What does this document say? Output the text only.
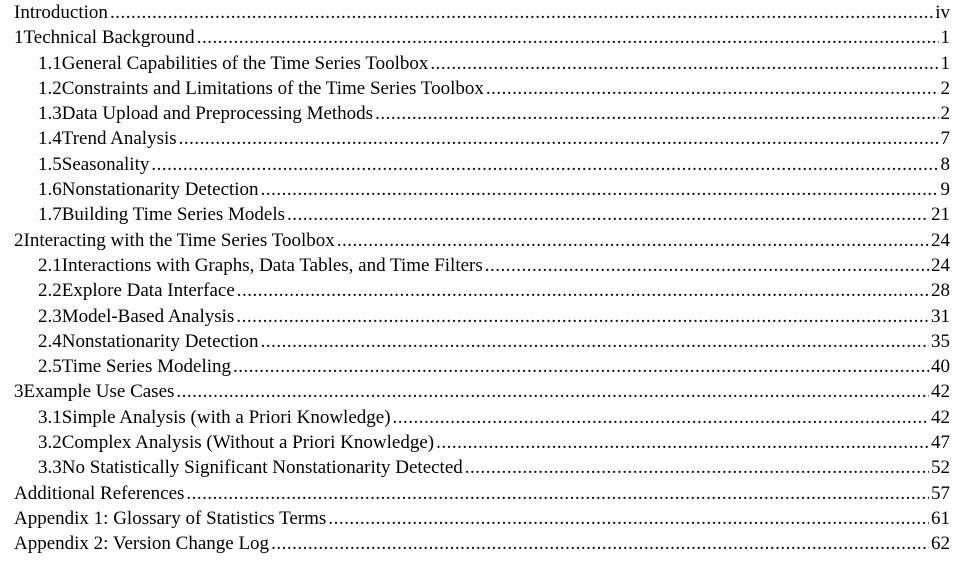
Introduction .....	iv
1 Technical Background .....	1
1.1 General Capabilities of the Time Series Toolbox .....	1
1.2 Constraints and Limitations of the Time Series Toolbox .....	2
1.3 Data Upload and Preprocessing Methods .....	2
1.4 Trend Analysis .....	7
1.5 Seasonality .....	8
1.6 Nonstationarity Detection .....	9
1.7 Building Time Series Models .....	21
2 Interacting with the Time Series Toolbox .....	24
2.1 Interactions with Graphs, Data Tables, and Time Filters .....	24
2.2 Explore Data Interface .....	28
2.3 Model-Based Analysis .....	31
2.4 Nonstationarity Detection .....	35
2.5 Time Series Modeling .....	40
3 Example Use Cases .....	42
3.1 Simple Analysis (with a Priori Knowledge) .....	42
3.2 Complex Analysis (Without a Priori Knowledge) .....	47
3.3 No Statistically Significant Nonstationarity Detected .....	52
Additional References .....	57
Appendix 1: Glossary of Statistics Terms .....	61
Appendix 2: Version Change Log .....	62
